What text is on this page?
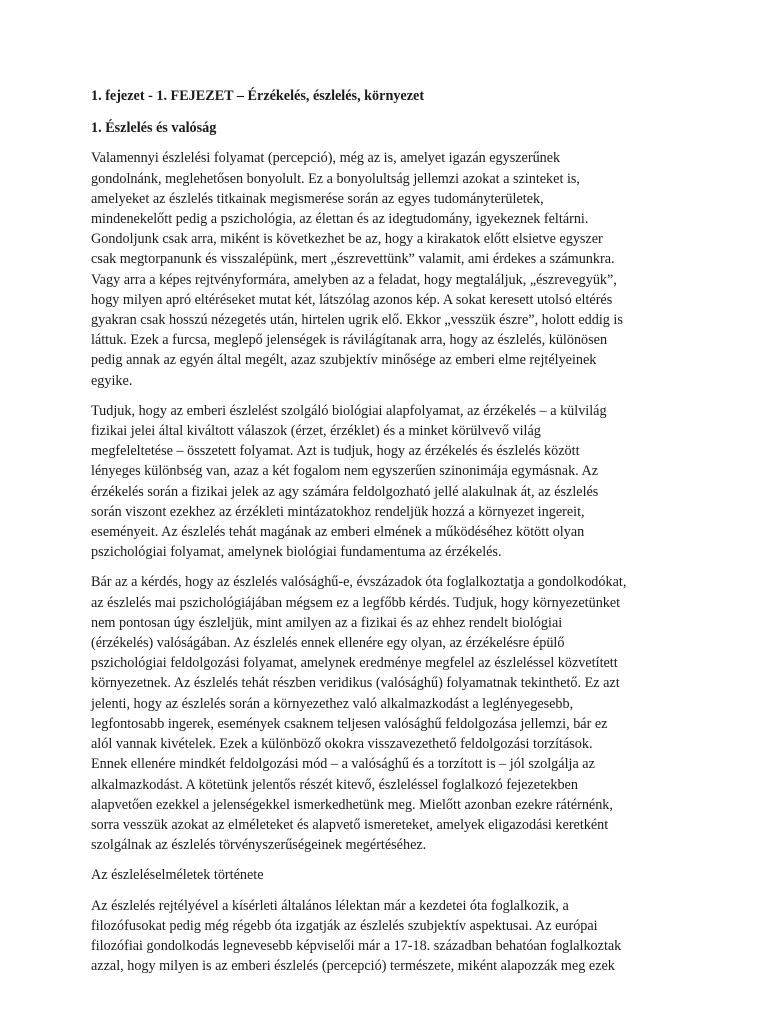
1. fejezet - 1. FEJEZET – Érzékelés, észlelés, környezet

1. Észlelés és valóság

Valamennyi észlelési folyamat (percepció), még az is, amelyet igazán egyszerűnek
gondolnánk, meglehetősen bonyolult. Ez a bonyolultság jellemzi azokat a szinteket is,
amelyeket az észlelés titkainak megismerése során az egyes tudományterületek,
mindenekelőtt pedig a pszichológia, az élettan és az idegtudomány, igyekeznek feltárni.
Gondoljunk csak arra, miként is következhet be az, hogy a kirakatok előtt elsietve egyszer
csak megtorpanunk és visszalépünk, mert „észrevettünk” valamit, ami érdekes a számunkra.
Vagy arra a képes rejtvényformára, amelyben az a feladat, hogy megtaláljuk, „észrevegyük”,
hogy milyen apró eltéréseket mutat két, látszólag azonos kép. A sokat keresett utolsó eltérés
gyakran csak hosszú nézegetés után, hirtelen ugrik elő. Ekkor „vesszük észre”, holott eddig is
láttuk. Ezek a furcsa, meglepő jelenségek is rávilágítanak arra, hogy az észlelés, különösen
pedig annak az egyén által megélt, azaz szubjektív minősége az emberi elme rejtélyeinek
egyike.
Tudjuk, hogy az emberi észlelést szolgáló biológiai alapfolyamat, az érzékelés – a külvilág
fizikai jelei által kiváltott válaszok (érzet, érzéklet) és a minket körülvevő világ
megfeleltetése – összetett folyamat. Azt is tudjuk, hogy az érzékelés és észlelés között
lényeges különbség van, azaz a két fogalom nem egyszerűen szinonimája egymásnak. Az
érzékelés során a fizikai jelek az agy számára feldolgozható jellé alakulnak át, az észlelés
során viszont ezekhez az érzékleti mintázatokhoz rendeljük hozzá a környezet ingereit,
eseményeit. Az észlelés tehát magának az emberi elmének a működéséhez kötött olyan
pszichológiai folyamat, amelynek biológiai fundamentuma az érzékelés.
Bár az a kérdés, hogy az észlelés valósághű-e, évszázadok óta foglalkoztatja a gondolkodókat,
az észlelés mai pszichológiájában mégsem ez a legfőbb kérdés. Tudjuk, hogy környezetünket
nem pontosan úgy észleljük, mint amilyen az a fizikai és az ehhez rendelt biológiai
(érzékelés) valóságában. Az észlelés ennek ellenére egy olyan, az érzékelésre épülő
pszichológiai feldolgozási folyamat, amelynek eredménye megfelel az észleléssel közvetített
környezetnek. Az észlelés tehát részben veridikus (valósághű) folyamatnak tekinthető. Ez azt
jelenti, hogy az észlelés során a környezethez való alkalmazkodást a leglényegesebb,
legfontosabb ingerek, események csaknem teljesen valósághű feldolgozása jellemzi, bár ez
alól vannak kivételek. Ezek a különböző okokra visszavezethető feldolgozási torzítások.
Ennek ellenére mindkét feldolgozási mód – a valósághű és a torzított is – jól szolgálja az
alkalmazkodást. A kötetünk jelentős részét kitevő, észleléssel foglalkozó fejezetekben
alapvetően ezekkel a jelenségekkel ismerkedhetünk meg. Mielőtt azonban ezekre rátérnénk,
sorra vesszük azokat az elméleteket és alapvető ismereteket, amelyek eligazodási keretként
szolgálnak az észlelés törvényszerűségeinek megértéséhez.

Az észleléselméletek története

Az észlelés rejtélyével a kísérleti általános lélektan már a kezdetei óta foglalkozik, a
filozófusokat pedig még régebb óta izgatják az észlelés szubjektív aspektusai. Az európai
filozófiai gondolkodás legnevesebb képviselői már a 17-18. században behatóan foglalkoztak
azzal, hogy milyen is az emberi észlelés (percepció) természete, miként alapozzák meg ezek
